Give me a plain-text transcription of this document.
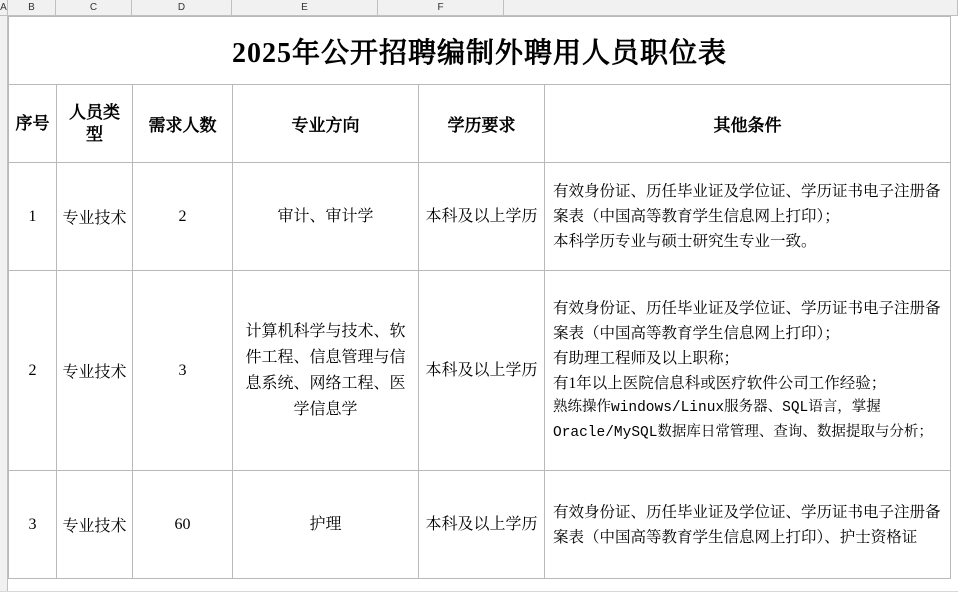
A	B	C	D	E	F
2025年公开招聘编制外聘用人员职位表					
序号	人员类型	需求人数	专业方向	学历要求	其他条件
1	专业技术	2	审计、审计学	本科及以上学历	有效身份证、历任毕业证及学位证、学历证书电子注册备案表（中国高等教育学生信息网上打印）；
本科学历专业与硕士研究生专业一致。

2	专业技术	3	计算机科学与技术、软件工程、信息管理与信息系统、网络工程、医学信息学	本科及以上学历	有效身份证、历任毕业证及学位证、学历证书电子注册备案表（中国高等教育学生信息网上打印）；
有助理工程师及以上职称；
有1年以上医院信息科或医疗软件公司工作经验；
熟练操作windows/Linux服务器、SQL语言，掌握Oracle/MySQL数据库日常管理、查询、数据提取与分析；

3	专业技术	60	护理	本科及以上学历	有效身份证、历任毕业证及学位证、学历证书电子注册备案表（中国高等教育学生信息网上打印）、护士资格证
